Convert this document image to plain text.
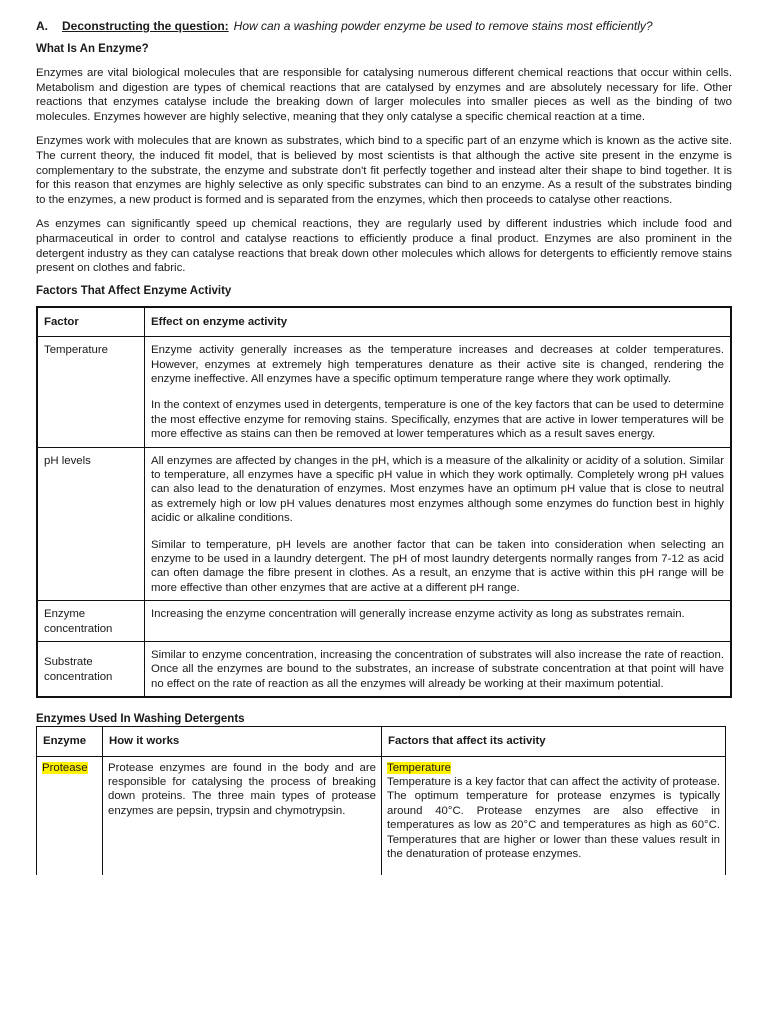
A. Deconstructing the question: How can a washing powder enzyme be used to remove stains most efficiently?
What Is An Enzyme?

Enzymes are vital biological molecules that are responsible for catalysing numerous different chemical reactions that occur within cells. Metabolism and digestion are types of chemical reactions that are catalysed by enzymes and are absolutely necessary for life. Other reactions that enzymes catalyse include the breaking down of larger molecules into smaller pieces as well as the binding of two molecules. Enzymes however are highly selective, meaning that they only catalyse a specific chemical reaction at a time.

Enzymes work with molecules that are known as substrates, which bind to a specific part of an enzyme which is known as the active site. The current theory, the induced fit model, that is believed by most scientists is that although the active site present in the enzyme is complementary to the substrate, the enzyme and substrate don't fit perfectly together and instead alter their shape to bind together. It is for this reason that enzymes are highly selective as only specific substrates can bind to an enzyme. As a result of the substrates binding to the enzymes, a new product is formed and is separated from the enzymes, which then proceeds to catalyse other reactions.

As enzymes can significantly speed up chemical reactions, they are regularly used by different industries which include food and pharmaceutical in order to control and catalyse reactions to efficiently produce a final product. Enzymes are also prominent in the detergent industry as they can catalyse reactions that break down other molecules which allows for detergents to efficiently remove stains present on clothes and fabric.

Factors That Affect Enzyme Activity
Factor	Effect on enzyme activity
Temperature	Enzyme activity generally increases as the temperature increases and decreases at colder temperatures. However, enzymes at extremely high temperatures denature as their active site is changed, rendering the enzyme ineffective. All enzymes have a specific optimum temperature range where they work optimally.

In the context of enzymes used in detergents, temperature is one of the key factors that can be used to determine the most effective enzyme for removing stains. Specifically, enzymes that are active in lower temperatures will be more effective as stains can then be removed at lower temperatures which as a result saves energy.

pH levels	All enzymes are affected by changes in the pH, which is a measure of the alkalinity or acidity of a solution. Similar to temperature, all enzymes have a specific pH value in which they work optimally. Completely wrong pH values can also lead to the denaturation of enzymes. Most enzymes have an optimum pH value that is close to neutral as extremely high or low pH values denatures most enzymes although some enzymes do function best in highly acidic or alkaline conditions.

Similar to temperature, pH levels are another factor that can be taken into consideration when selecting an enzyme to be used in a laundry detergent. The pH of most laundry detergents normally ranges from 7-12 as acid can often damage the fibre present in clothes. As a result, an enzyme that is active within this pH range will be more effective than other enzymes that are active at a different pH range.

Enzyme concentration	Increasing the enzyme concentration will generally increase enzyme activity as long as substrates remain.

Substrate concentration	Similar to enzyme concentration, increasing the concentration of substrates will also increase the rate of reaction. Once all the enzymes are bound to the substrates, an increase of substrate concentration at that point will have no effect on the rate of reaction as all the enzymes will already be working at their maximum potential.

Enzymes Used In Washing Detergents
Enzyme	How it works	Factors that affect its activity
Protease	Protease enzymes are found in the body and are responsible for catalysing the process of breaking down proteins. The three main types of protease enzymes are pepsin, trypsin and chymotrypsin.	Temperature
Temperature is a key factor that can affect the activity of protease. The optimum temperature for protease enzymes is typically around 40°C. Protease enzymes are also effective in temperatures as low as 20°C and temperatures as high as 60°C. Temperatures that are higher or lower than these values result in the denaturation of protease enzymes.
